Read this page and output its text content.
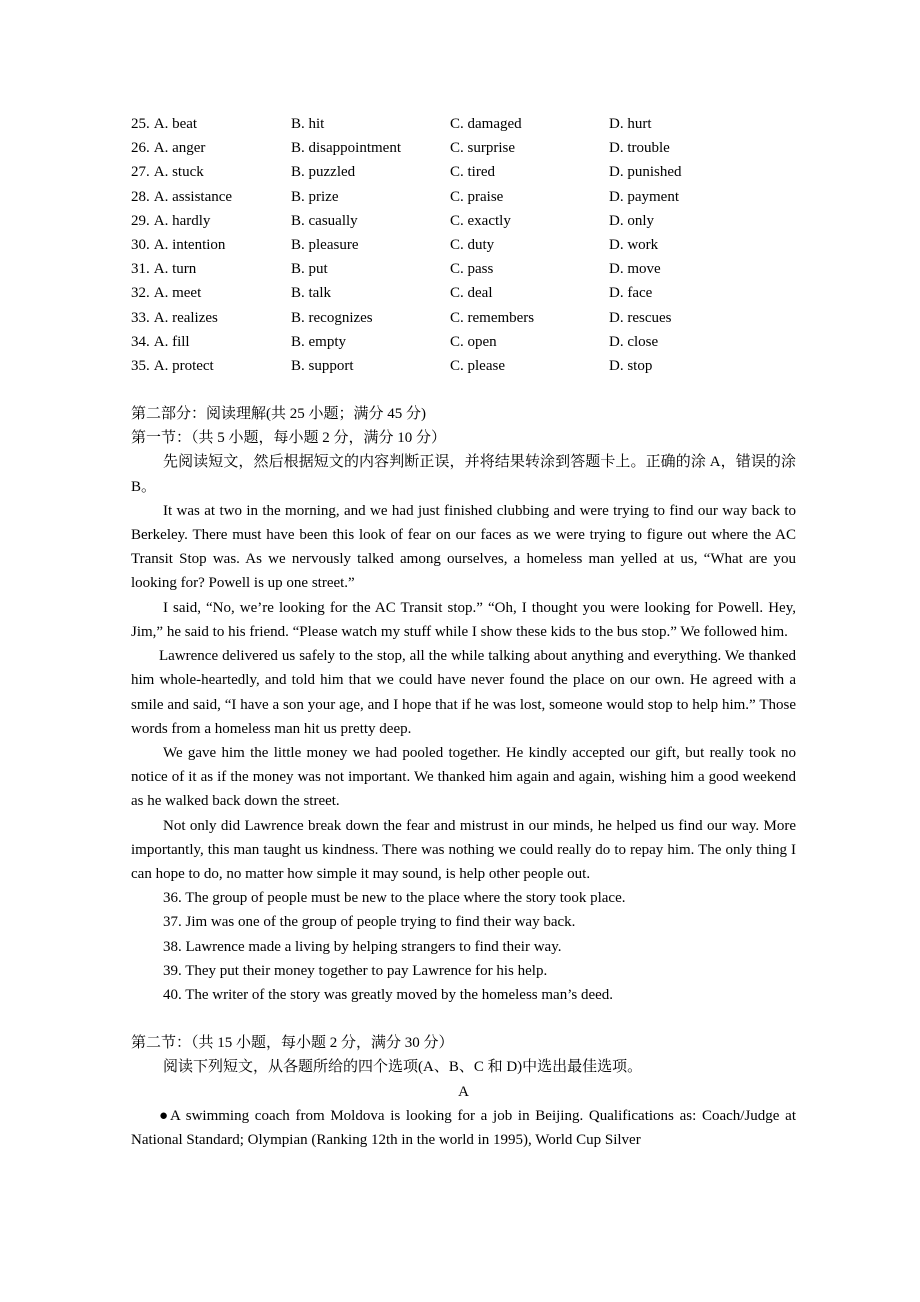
25. A. beat	B. hit	C. damaged	D. hurt
26. A. anger	B. disappointment	C. surprise	D. trouble
27. A. stuck	B. puzzled	C. tired	D. punished
28. A. assistance	B. prize	C. praise	D. payment
29. A. hardly	B. casually	C. exactly	D. only
30. A. intention	B. pleasure	C. duty	D. work
31. A. turn	B. put	C. pass	D. move
32. A. meet	B. talk	C. deal	D. face
33. A. realizes	B. recognizes	C. remembers	D. rescues
34. A. fill	B. empty	C. open	D. close
35. A. protect	B. support	C. please	D. stop
第二部分：阅读理解(共 25 小题；满分 45 分)
第一节：（共 5 小题，每小题 2 分，满分 10 分）

先阅读短文，然后根据短文的内容判断正误，并将结果转涂到答题卡上。正确的涂 A，错误的涂 B。

It was at two in the morning, and we had just finished clubbing and were trying to find our way back to Berkeley. There must have been this look of fear on our faces as we were trying to figure out where the AC Transit Stop was. As we nervously talked among ourselves, a homeless man yelled at us, “What are you looking for? Powell is up one street.”

I said, “No, we’re looking for the AC Transit stop.” “Oh, I thought you were looking for Powell. Hey, Jim,” he said to his friend. “Please watch my stuff while I show these kids to the bus stop.” We followed him.

Lawrence delivered us safely to the stop, all the while talking about anything and everything. We thanked him whole-heartedly, and told him that we could have never found the place on our own. He agreed with a smile and said, “I have a son your age, and I hope that if he was lost, someone would stop to help him.” Those words from a homeless man hit us pretty deep.

We gave him the little money we had pooled together. He kindly accepted our gift, but really took no notice of it as if the money was not important. We thanked him again and again, wishing him a good weekend as he walked back down the street.

Not only did Lawrence break down the fear and mistrust in our minds, he helped us find our way. More importantly, this man taught us kindness. There was nothing we could really do to repay him. The only thing I can hope to do, no matter how simple it may sound, is help other people out.

36. The group of people must be new to the place where the story took place.
37. Jim was one of the group of people trying to find their way back.
38. Lawrence made a living by helping strangers to find their way.
39. They put their money together to pay Lawrence for his help.
40. The writer of the story was greatly moved by the homeless man’s deed.
第二节：（共 15 小题，每小题 2 分，满分 30 分）

阅读下列短文，从各题所给的四个选项(A、B、C 和 D)中选出最佳选项。

A

●A swimming coach from Moldova is looking for a job in Beijing. Qualifications as: Coach/Judge at National Standard; Olympian (Ranking 12th in the world in 1995), World Cup Silver
